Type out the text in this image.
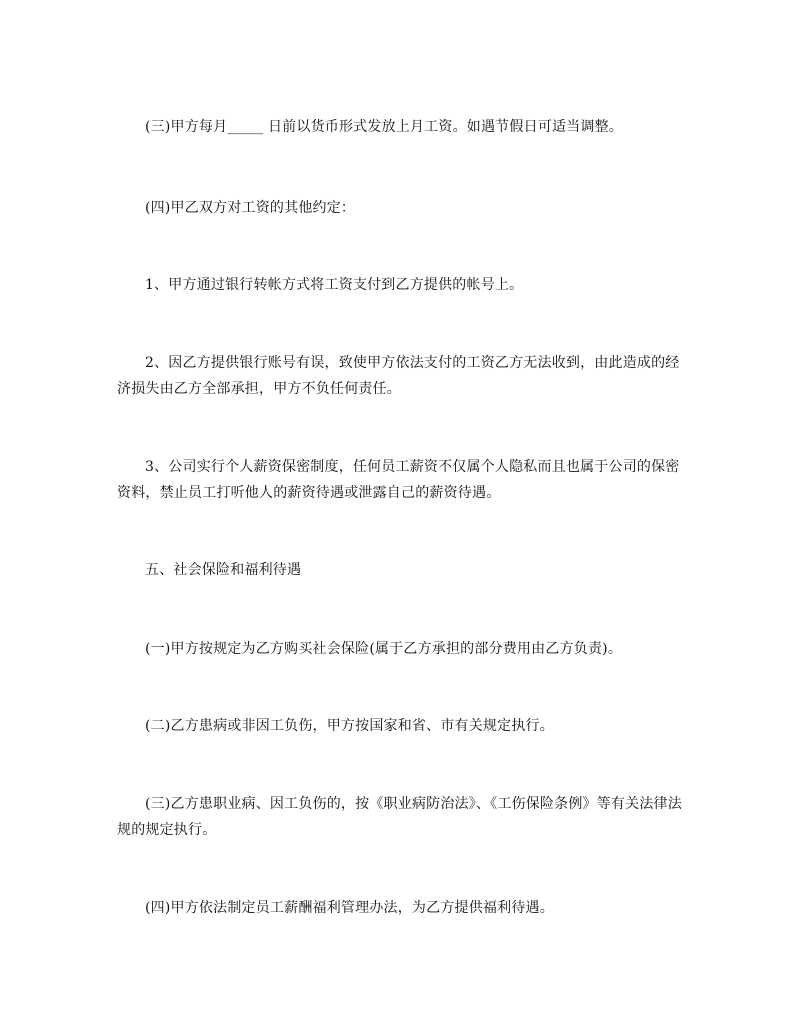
(三)甲方每月_____ 日前以货币形式发放上月工资。如遇节假日可适当调整。

(四)甲乙双方对工资的其他约定：

1、甲方通过银行转帐方式将工资支付到乙方提供的帐号上。

2、因乙方提供银行账号有误，致使甲方依法支付的工资乙方无法收到，由此造成的经济损失由乙方全部承担，甲方不负任何责任。

3、公司实行个人薪资保密制度，任何员工薪资不仅属个人隐私而且也属于公司的保密资料，禁止员工打听他人的薪资待遇或泄露自己的薪资待遇。

五、社会保险和福利待遇

(一)甲方按规定为乙方购买社会保险(属于乙方承担的部分费用由乙方负责)。

(二)乙方患病或非因工负伤，甲方按国家和省、市有关规定执行。

(三)乙方患职业病、因工负伤的，按《职业病防治法》、《工伤保险条例》等有关法律法规的规定执行。

(四)甲方依法制定员工薪酬福利管理办法，为乙方提供福利待遇。
